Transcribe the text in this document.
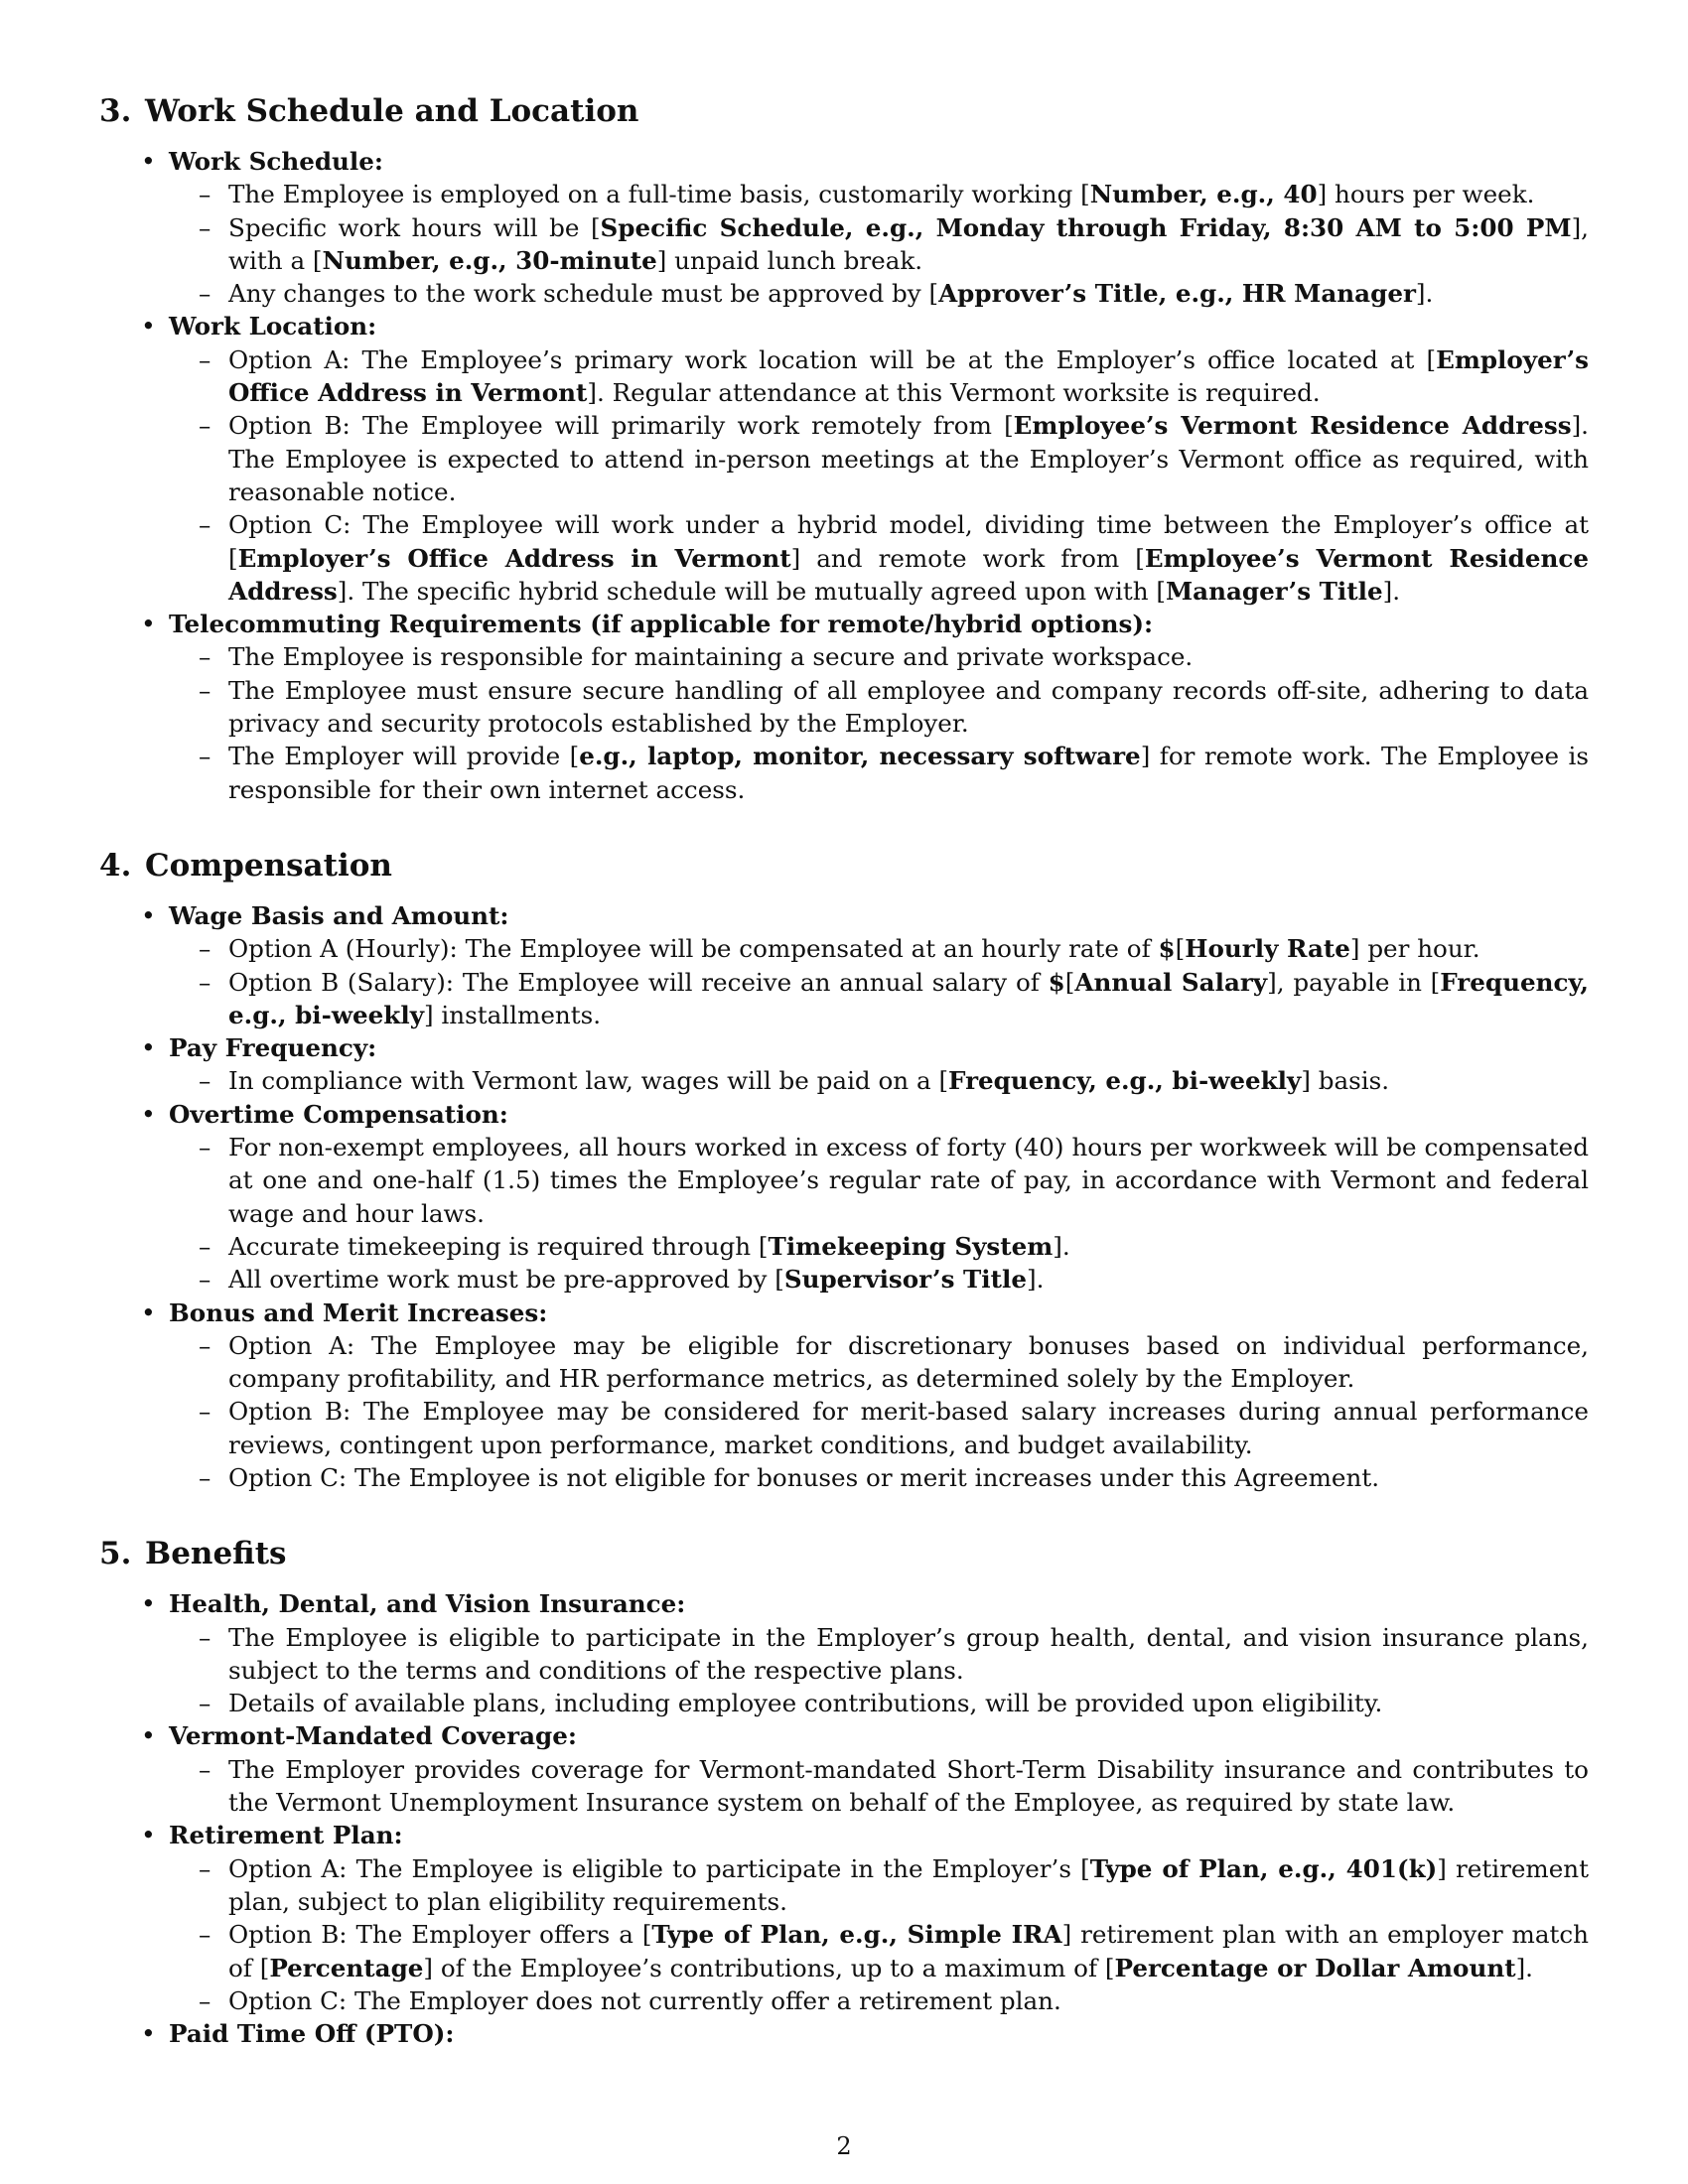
3. Work Schedule and Location
• Work Schedule:
– The Employee is employed on a full-time basis, customarily working [Number, e.g., 40] hours per week.
– Specific work hours will be [Specific Schedule, e.g., Monday through Friday, 8:30 AM to 5:00 PM], with a [Number, e.g., 30-minute] unpaid lunch break.
– Any changes to the work schedule must be approved by [Approver’s Title, e.g., HR Manager].
• Work Location:
– Option A: The Employee’s primary work location will be at the Employer’s office located at [Employer’s Office Address in Vermont]. Regular attendance at this Vermont worksite is required.
– Option B: The Employee will primarily work remotely from [Employee’s Vermont Residence Address]. The Employee is expected to attend in-person meetings at the Employer’s Vermont office as required, with reasonable notice.
– Option C: The Employee will work under a hybrid model, dividing time between the Employer’s office at [Employer’s Office Address in Vermont] and remote work from [Employee’s Vermont Residence Address]. The specific hybrid schedule will be mutually agreed upon with [Manager’s Title].
• Telecommuting Requirements (if applicable for remote/hybrid options):
– The Employee is responsible for maintaining a secure and private workspace.
– The Employee must ensure secure handling of all employee and company records off-site, adhering to data privacy and security protocols established by the Employer.
– The Employer will provide [e.g., laptop, monitor, necessary software] for remote work. The Employee is responsible for their own internet access.
4. Compensation
• Wage Basis and Amount:
– Option A (Hourly): The Employee will be compensated at an hourly rate of $[Hourly Rate] per hour.
– Option B (Salary): The Employee will receive an annual salary of $[Annual Salary], payable in [Frequency, e.g., bi-weekly] installments.
• Pay Frequency:
– In compliance with Vermont law, wages will be paid on a [Frequency, e.g., bi-weekly] basis.
• Overtime Compensation:
– For non-exempt employees, all hours worked in excess of forty (40) hours per workweek will be compensated at one and one-half (1.5) times the Employee’s regular rate of pay, in accordance with Vermont and federal wage and hour laws.
– Accurate timekeeping is required through [Timekeeping System].
– All overtime work must be pre-approved by [Supervisor’s Title].
• Bonus and Merit Increases:
– Option A: The Employee may be eligible for discretionary bonuses based on individual performance, company profitability, and HR performance metrics, as determined solely by the Employer.
– Option B: The Employee may be considered for merit-based salary increases during annual performance reviews, contingent upon performance, market conditions, and budget availability.
– Option C: The Employee is not eligible for bonuses or merit increases under this Agreement.
5. Benefits
• Health, Dental, and Vision Insurance:
– The Employee is eligible to participate in the Employer’s group health, dental, and vision insurance plans, subject to the terms and conditions of the respective plans.
– Details of available plans, including employee contributions, will be provided upon eligibility.
• Vermont-Mandated Coverage:
– The Employer provides coverage for Vermont-mandated Short-Term Disability insurance and contributes to the Vermont Unemployment Insurance system on behalf of the Employee, as required by state law.
• Retirement Plan:
– Option A: The Employee is eligible to participate in the Employer’s [Type of Plan, e.g., 401(k)] retirement plan, subject to plan eligibility requirements.
– Option B: The Employer offers a [Type of Plan, e.g., Simple IRA] retirement plan with an employer match of [Percentage] of the Employee’s contributions, up to a maximum of [Percentage or Dollar Amount].
– Option C: The Employer does not currently offer a retirement plan.
• Paid Time Off (PTO):
2
